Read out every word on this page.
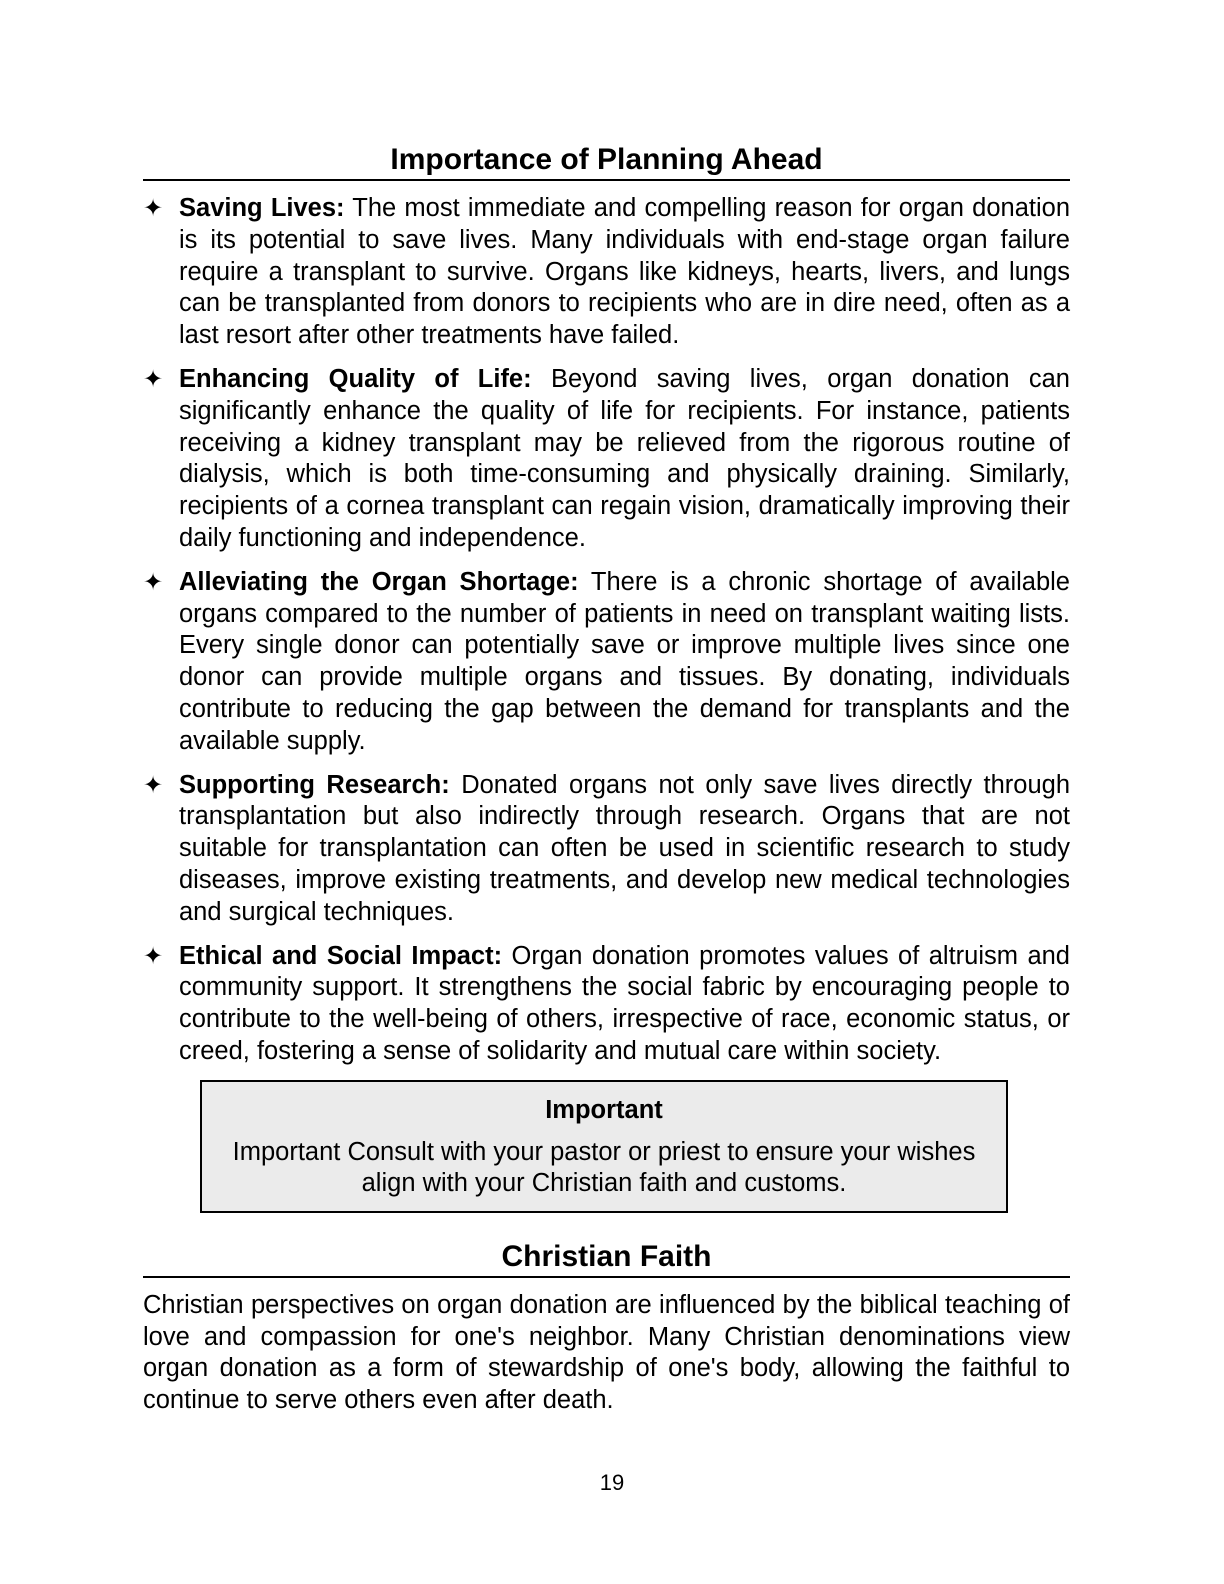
Importance of Planning Ahead
✦ Saving Lives: The most immediate and compelling reason for organ donation is its potential to save lives. Many individuals with end-stage organ failure require a transplant to survive. Organs like kidneys, hearts, livers, and lungs can be transplanted from donors to recipients who are in dire need, often as a last resort after other treatments have failed.
✦ Enhancing Quality of Life: Beyond saving lives, organ donation can significantly enhance the quality of life for recipients. For instance, patients receiving a kidney transplant may be relieved from the rigorous routine of dialysis, which is both time-consuming and physically draining. Similarly, recipients of a cornea transplant can regain vision, dramatically improving their daily functioning and independence.
✦ Alleviating the Organ Shortage: There is a chronic shortage of available organs compared to the number of patients in need on transplant waiting lists. Every single donor can potentially save or improve multiple lives since one donor can provide multiple organs and tissues. By donating, individuals contribute to reducing the gap between the demand for transplants and the available supply.
✦ Supporting Research: Donated organs not only save lives directly through transplantation but also indirectly through research. Organs that are not suitable for transplantation can often be used in scientific research to study diseases, improve existing treatments, and develop new medical technologies and surgical techniques.
✦ Ethical and Social Impact: Organ donation promotes values of altruism and community support. It strengthens the social fabric by encouraging people to contribute to the well-being of others, irrespective of race, economic status, or creed, fostering a sense of solidarity and mutual care within society.
Important
Important Consult with your pastor or priest to ensure your wishes align with your Christian faith and customs.
Christian Faith

Christian perspectives on organ donation are influenced by the biblical teaching of love and compassion for one's neighbor. Many Christian denominations view organ donation as a form of stewardship of one's body, allowing the faithful to continue to serve others even after death.

19
